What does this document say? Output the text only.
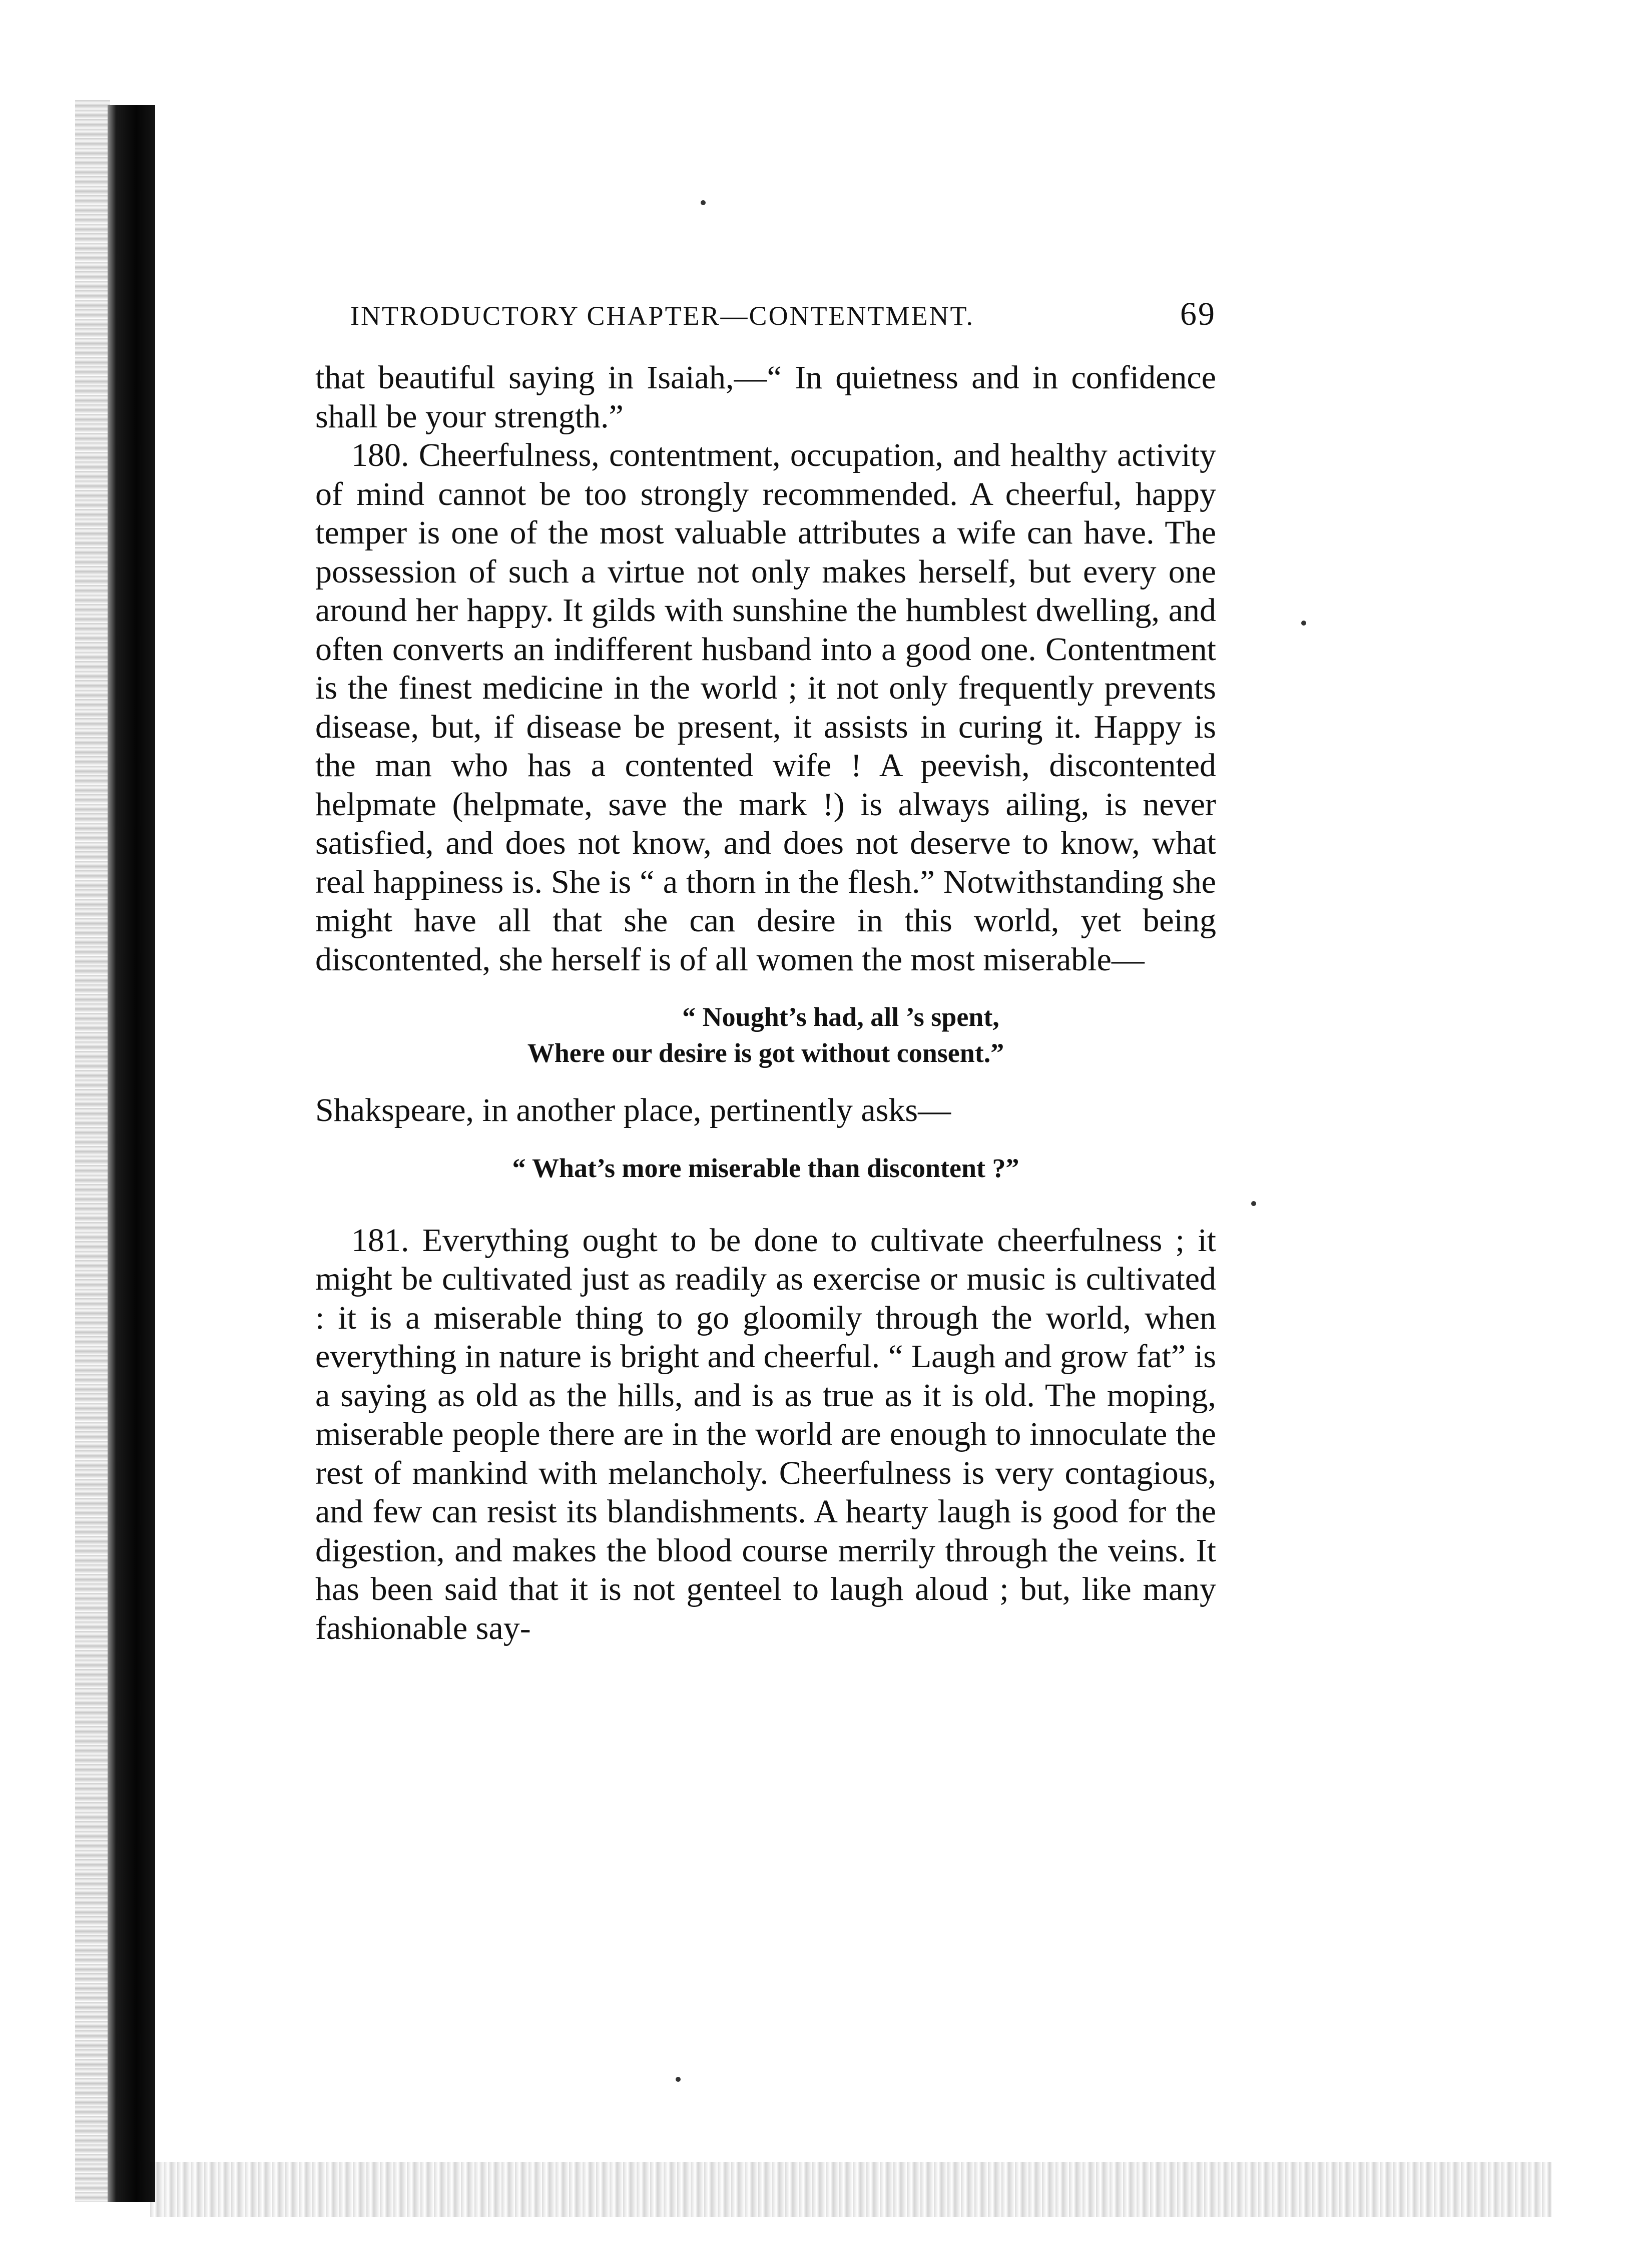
INTRODUCTORY CHAPTER—CONTENTMENT.	69

that beautiful saying in Isaiah,—“ In quietness and in confidence shall be your strength.”

180. Cheerfulness, contentment, occupation, and healthy activity of mind cannot be too strongly recommended. A cheerful, happy temper is one of the most valuable attributes a wife can have. The possession of such a virtue not only makes herself, but every one around her happy. It gilds with sunshine the humblest dwelling, and often converts an indifferent husband into a good one. Contentment is the finest medicine in the world ; it not only frequently prevents disease, but, if disease be present, it assists in curing it. Happy is the man who has a contented wife ! A peevish, discontented helpmate (helpmate, save the mark !) is always ailing, is never satisfied, and does not know, and does not deserve to know, what real happiness is. She is “ a thorn in the flesh.” Notwithstanding she might have all that she can desire in this world, yet being discontented, she herself is of all women the most miserable—

“ Nought’s had, all ’s spent,
Where our desire is got without consent.”

Shakspeare, in another place, pertinently asks—

“ What’s more miserable than discontent ?”

181. Everything ought to be done to cultivate cheerfulness ; it might be cultivated just as readily as exercise or music is cultivated : it is a miserable thing to go gloomily through the world, when everything in nature is bright and cheerful. “ Laugh and grow fat” is a saying as old as the hills, and is as true as it is old. The moping, miserable people there are in the world are enough to innoculate the rest of mankind with melancholy. Cheerfulness is very contagious, and few can resist its blandishments. A hearty laugh is good for the digestion, and makes the blood course merrily through the veins. It has been said that it is not genteel to laugh aloud ; but, like many fashionable say-
